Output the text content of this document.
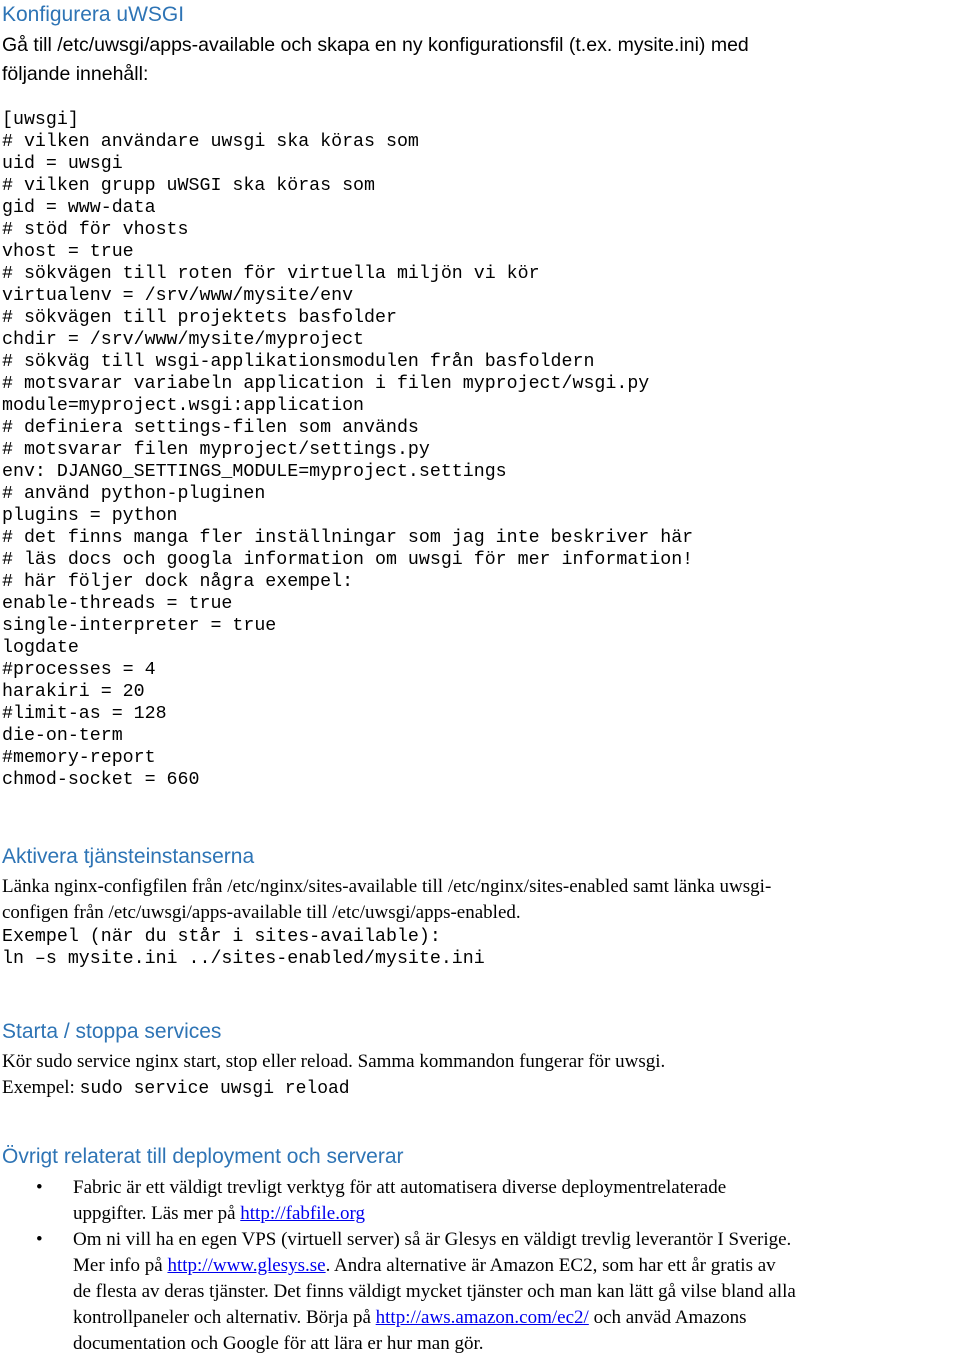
Konfigurera uWSGI

Gå till /etc/uwsgi/apps-available och skapa en ny konfigurationsfil (t.ex. mysite.ini) med

följande innehåll:

[uwsgi]
# vilken användare uwsgi ska köras som
uid = uwsgi
# vilken grupp uWSGI ska köras som
gid = www-data
# stöd för vhosts
vhost = true
# sökvägen till roten för virtuella miljön vi kör
virtualenv = /srv/www/mysite/env
# sökvägen till projektets basfolder
chdir = /srv/www/mysite/myproject
# sökväg till wsgi-applikationsmodulen från basfoldern
# motsvarar variabeln application i filen myproject/wsgi.py
module=myproject.wsgi:application
# definiera settings-filen som används
# motsvarar filen myproject/settings.py
env: DJANGO_SETTINGS_MODULE=myproject.settings
# använd python-pluginen
plugins = python
# det finns manga fler inställningar som jag inte beskriver här
# läs docs och googla information om uwsgi för mer information!
# här följer dock några exempel:
enable-threads = true
single-interpreter = true
logdate
#processes = 4
harakiri = 20
#limit-as = 128
die-on-term
#memory-report
chmod-socket = 660
Aktivera tjänsteinstanserna

Länka nginx-configfilen från /etc/nginx/sites-available till /etc/nginx/sites-enabled samt länka uwsgi-

configen från /etc/uwsgi/apps-available till /etc/uwsgi/apps-enabled.

Exempel (när du står i sites-available):
ln –s mysite.ini ../sites-enabled/mysite.ini
Starta / stoppa services

Kör sudo service nginx start, stop eller reload. Samma kommandon fungerar för uwsgi.

Exempel: sudo service uwsgi reload

Övrigt relaterat till deployment och serverar
• Fabric är ett väldigt trevligt verktyg för att automatisera diverse deploymentrelaterade
uppgifter. Läs mer på http://fabfile.org
• Om ni vill ha en egen VPS (virtuell server) så är Glesys en väldigt trevlig leverantör I Sverige.
Mer info på http://www.glesys.se. Andra alternative är Amazon EC2, som har ett år gratis av
de flesta av deras tjänster. Det finns väldigt mycket tjänster och man kan lätt gå vilse bland alla
kontrollpaneler och alternativ. Börja på http://aws.amazon.com/ec2/ och anväd Amazons
documentation och Google för att lära er hur man gör.
